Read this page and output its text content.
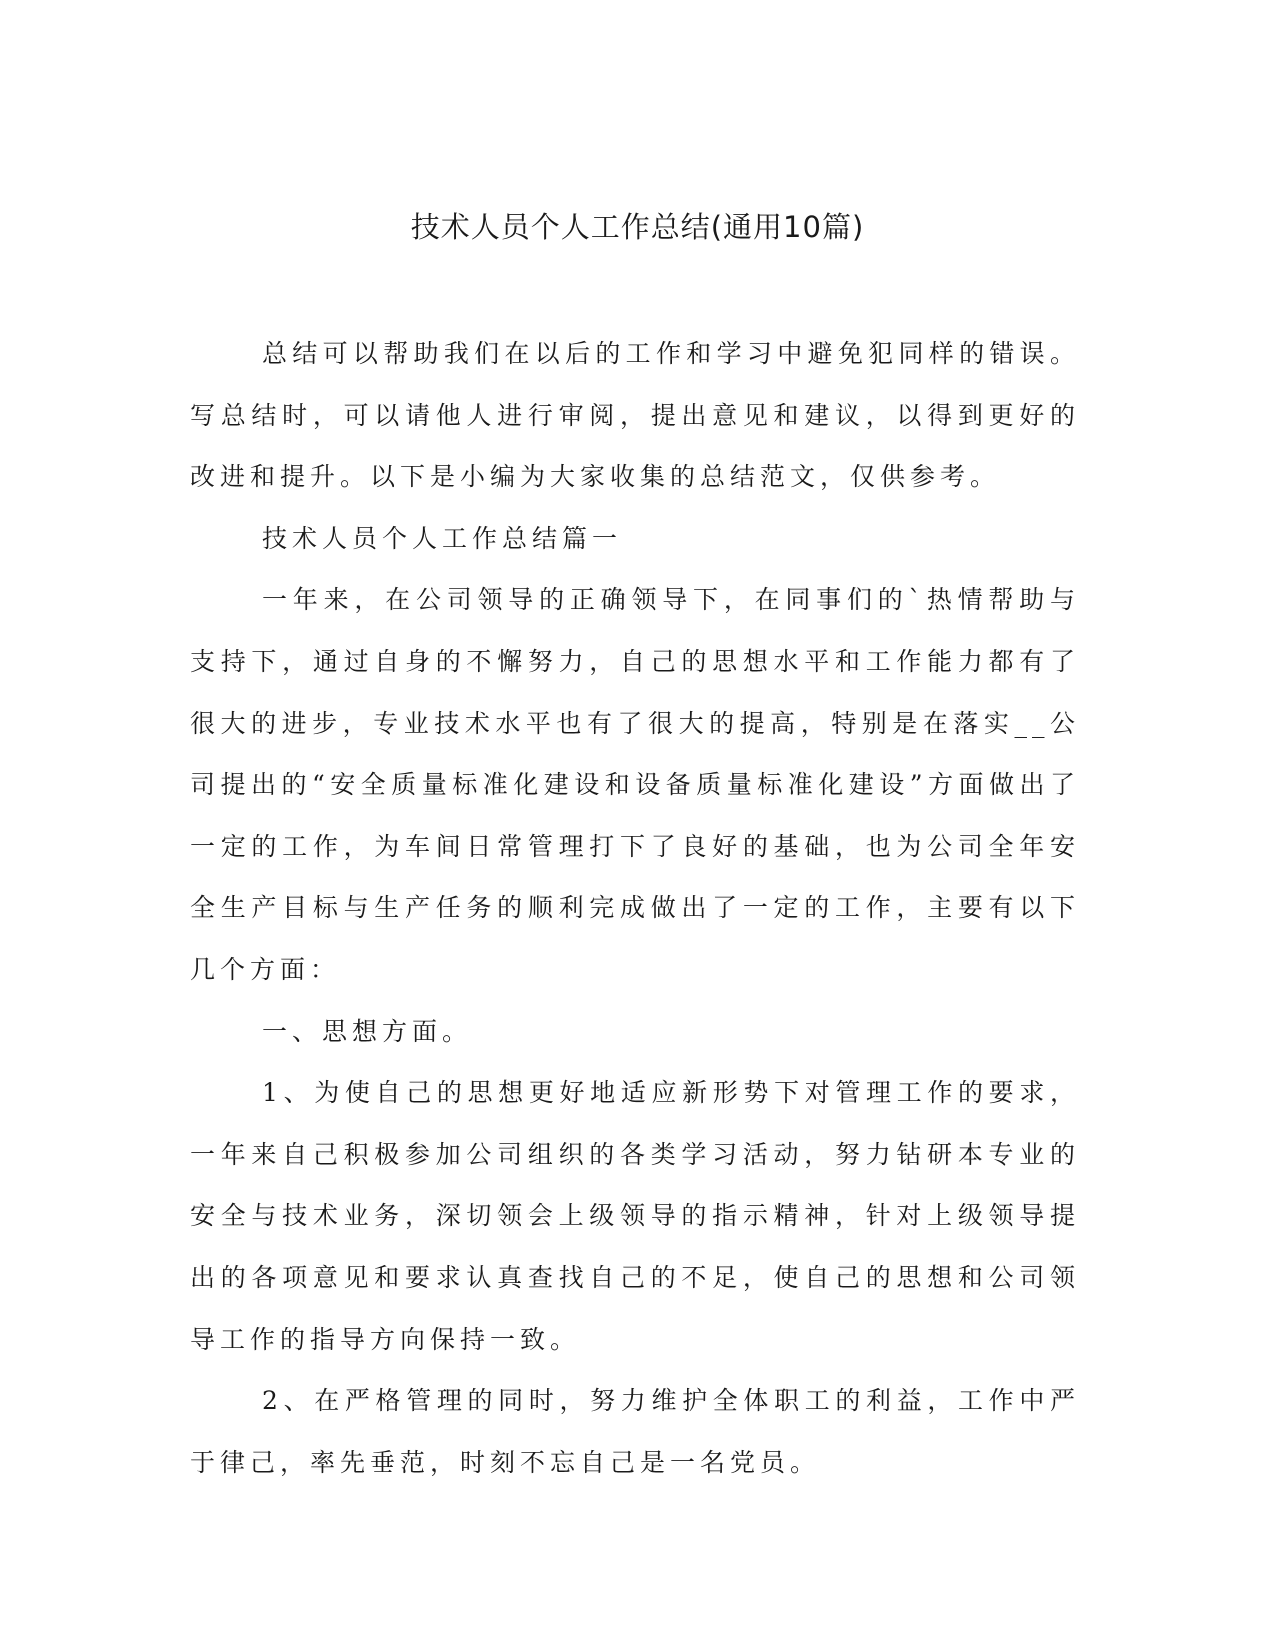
技术人员个人工作总结(通用10篇)

总结可以帮助我们在以后的工作和学习中避免犯同样的错误。写总结时，可以请他人进行审阅，提出意见和建议，以得到更好的改进和提升。以下是小编为大家收集的总结范文，仅供参考。

技术人员个人工作总结篇一

一年来，在公司领导的正确领导下，在同事们的`热情帮助与支持下，通过自身的不懈努力，自己的思想水平和工作能力都有了很大的进步，专业技术水平也有了很大的提高，特别是在落实__公司提出的“安全质量标准化建设和设备质量标准化建设”方面做出了一定的工作，为车间日常管理打下了良好的基础，也为公司全年安全生产目标与生产任务的顺利完成做出了一定的工作，主要有以下几个方面：

一、思想方面。

1、为使自己的思想更好地适应新形势下对管理工作的要求，一年来自己积极参加公司组织的各类学习活动，努力钻研本专业的安全与技术业务，深切领会上级领导的指示精神，针对上级领导提出的各项意见和要求认真查找自己的不足，使自己的思想和公司领导工作的指导方向保持一致。

2、在严格管理的同时，努力维护全体职工的利益，工作中严于律己，率先垂范，时刻不忘自己是一名党员。
